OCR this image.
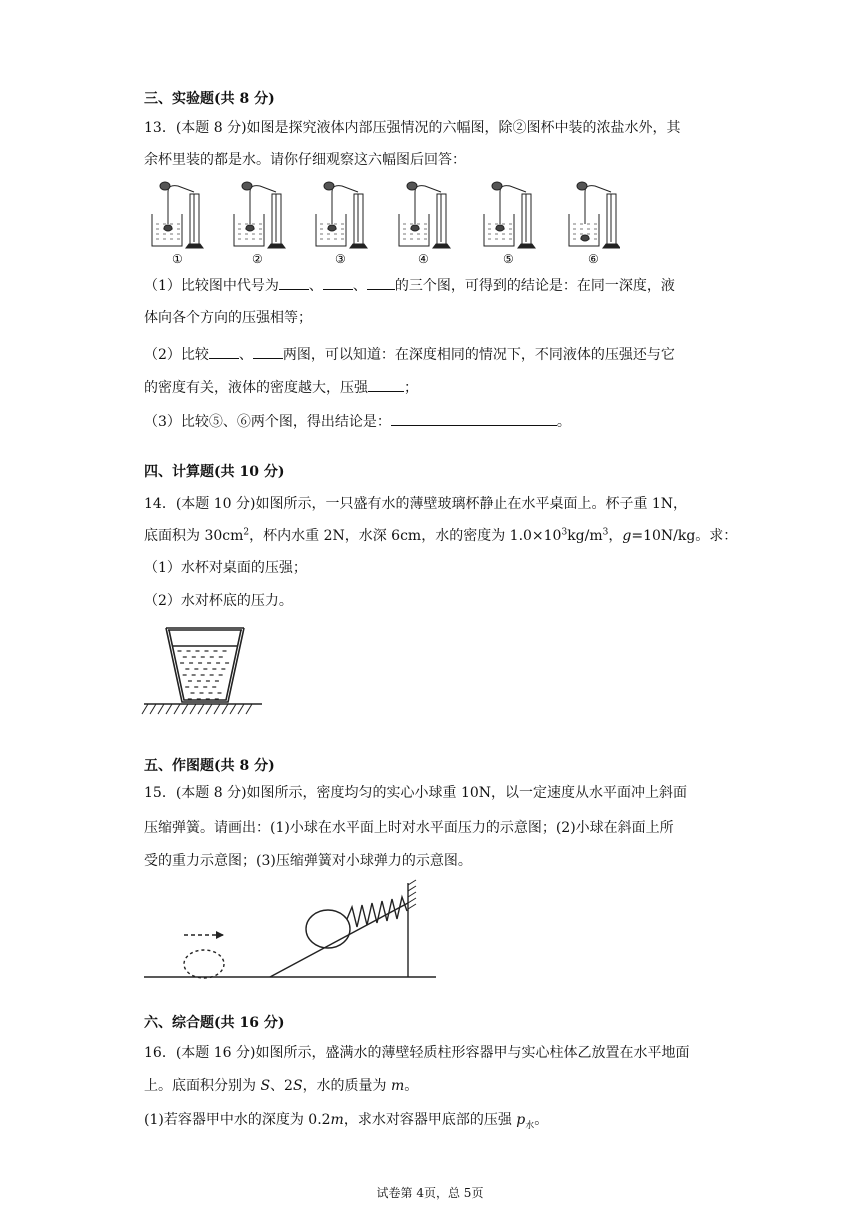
三、实验题(共 8 分)
13．(本题 8 分)如图是探究液体内部压强情况的六幅图，除②图杯中装的浓盐水外，其
余杯里装的都是水。请你仔细观察这六幅图后回答：
①	②	③	④	⑤	⑥
（1）比较图中代号为 、 、 的三个图，可得到的结论是：在同一深度，液
体向各个方向的压强相等；
（2）比较 、 两图，可以知道：在深度相同的情况下，不同液体的压强还与它
的密度有关，液体的密度越大，压强	；
（3）比较⑤、⑥两个图，得出结论是：	。
四、计算题(共 10 分)
14．(本题 10 分)如图所示，一只盛有水的薄壁玻璃杯静止在水平桌面上。杯子重 1N，
底面积为 $30cm^2$，杯内水重 2N，水深 6cm，水的密度为 $1.0\times 10^3kg/m^3$，g=10N/kg。求：
（1）水杯对桌面的压强；
（2）水对杯底的压力。
五、作图题(共 8 分)
15．(本题 8 分)如图所示，密度均匀的实心小球重 10N，以一定速度从水平面冲上斜面
压缩弹簧。请画出：(1)小球在水平面上时对水平面压力的示意图；(2)小球在斜面上所
受的重力示意图；(3)压缩弹簧对小球弹力的示意图。
六、综合题(共 16 分)
16．(本题 16 分)如图所示，盛满水的薄壁轻质柱形容器甲与实心柱体乙放置在水平地面
上。底面积分别为 S、2S，水的质量为 m。
(1)若容器甲中水的深度为 0.2m，求水对容器甲底部的压强 $p_水$。
试卷第 4页，总 5页
